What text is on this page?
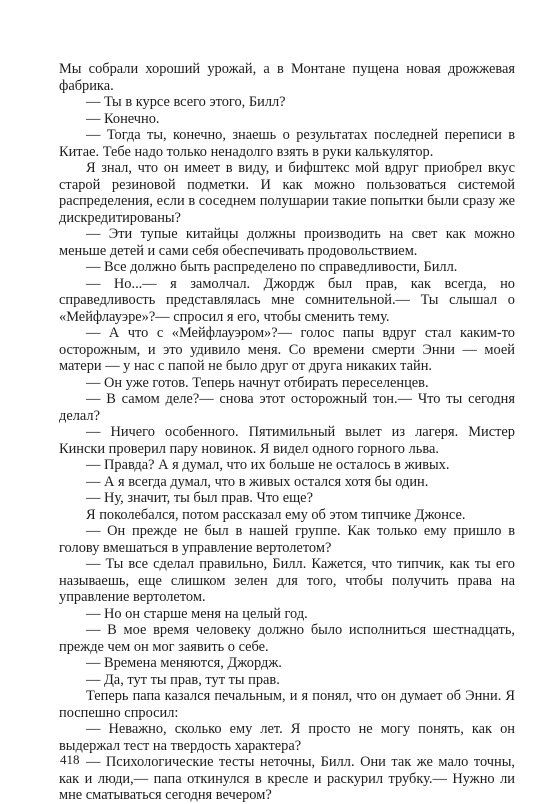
Мы собрали хороший урожай, а в Монтане пущена новая дрожжевая фабрика.

— Ты в курсе всего этого, Билл?

— Конечно.

— Тогда ты, конечно, знаешь о результатах последней переписи в Китае. Тебе надо только ненадолго взять в руки калькулятор.

Я знал, что он имеет в виду, и бифштекс мой вдруг приобрел вкус старой резиновой подметки. И как можно пользоваться системой распределения, если в соседнем полушарии такие попытки были сразу же дискредитированы?

— Эти тупые китайцы должны производить на свет как можно меньше детей и сами себя обеспечивать продовольствием.

— Все должно быть распределено по справедливости, Билл.

— Но...— я замолчал. Джордж был прав, как всегда, но справедливость представлялась мне сомнительной.— Ты слышал о «Мейфлауэре»?— спросил я его, чтобы сменить тему.

— А что с «Мейфлауэром»?— голос папы вдруг стал каким-то осторожным, и это удивило меня. Со времени смерти Энни — моей матери — у нас с папой не было друг от друга никаких тайн.

— Он уже готов. Теперь начнут отбирать переселенцев.

— В самом деле?— снова этот осторожный тон.— Что ты сегодня делал?

— Ничего особенного. Пятимильный вылет из лагеря. Мистер Кински проверил пару новинок. Я видел одного горного льва.

— Правда? А я думал, что их больше не осталось в живых.

— А я всегда думал, что в живых остался хотя бы один.

— Ну, значит, ты был прав. Что еще?

Я поколебался, потом рассказал ему об этом типчике Джонсе.

— Он прежде не был в нашей группе. Как только ему пришло в голову вмешаться в управление вертолетом?

— Ты все сделал правильно, Билл. Кажется, что типчик, как ты его называешь, еще слишком зелен для того, чтобы получить права на управление вертолетом.

— Но он старше меня на целый год.

— В мое время человеку должно было исполниться шестнадцать, прежде чем он мог заявить о себе.

— Времена меняются, Джордж.

— Да, тут ты прав, тут ты прав.

Теперь папа казался печальным, и я понял, что он думает об Энни. Я поспешно спросил:

— Неважно, сколько ему лет. Я просто не могу понять, как он выдержал тест на твердость характера?

— Психологические тесты неточны, Билл. Они так же мало точны, как и люди,— папа откинулся в кресле и раскурил трубку.— Нужно ли мне сматываться сегодня вечером?

418
